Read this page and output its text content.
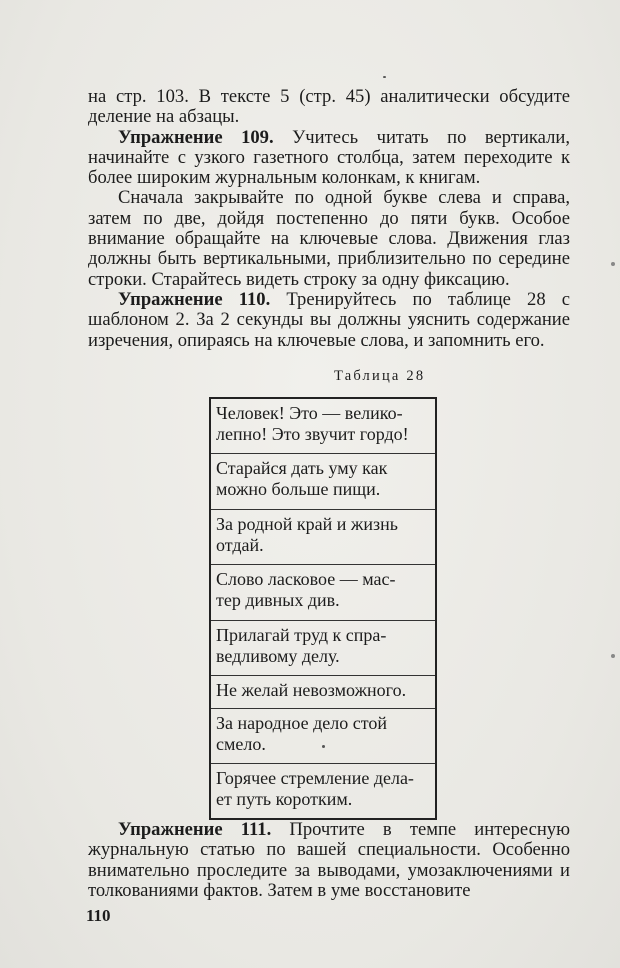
на стр. 103. В тексте 5 (стр. 45) аналитически обсудите деление на абзацы.

Упражнение 109. Учитесь читать по вертикали, начинайте с узкого газетного столбца, затем переходите к более широким журнальным колонкам, к книгам.

Сначала закрывайте по одной букве слева и справа, затем по две, дойдя постепенно до пяти букв. Особое внимание обращайте на ключевые слова. Движения глаз должны быть вертикальными, приблизительно по середине строки. Старайтесь видеть строку за одну фиксацию.

Упражнение 110. Тренируйтесь по таблице 28 с шаблоном 2. За 2 секунды вы должны уяснить содержание изречения, опираясь на ключевые слова, и запомнить его.

Таблица 28
Человек! Это — велико-
лепно! Это звучит гордо!
Старайся дать уму как
можно больше пищи.
За родной край и жизнь
отдай.
Слово ласковое — мас-
тер дивных див.
Прилагай труд к спра-
ведливому делу.
Не желай невозможного.
За народное дело стой
смело.
Горячее стремление дела-
ет путь коротким.

Упражнение 111. Прочтите в темпе интересную журнальную статью по вашей специальности. Особенно внимательно проследите за выводами, умозаключениями и толкованиями фактов. Затем в уме восстановите

110
